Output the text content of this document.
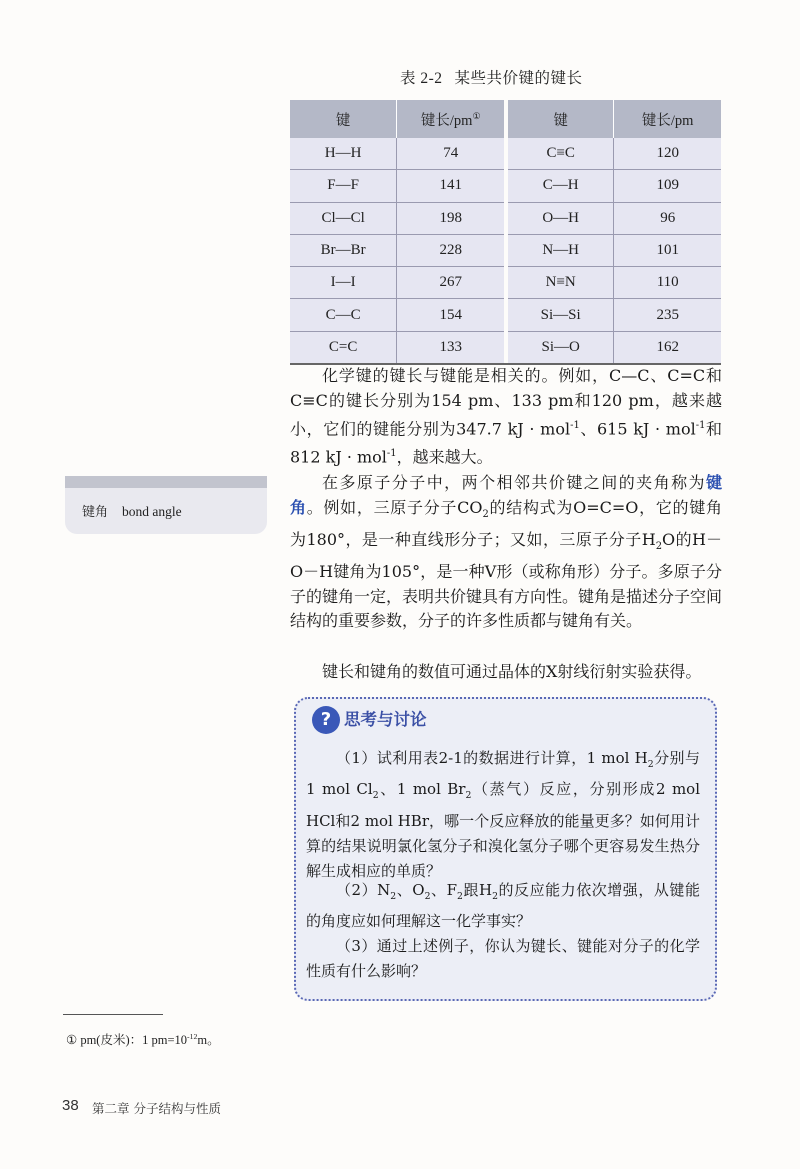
表 2-2 某些共价键的键长
键	键长/pm①		键	键长/pm
H—H	74		C≡C	120
F—F	141		C—H	109
Cl—Cl	198		O—H	96
Br—Br	228		N—H	101
I—I	267		N≡N	110
C—C	154		Si—Si	235
C=C	133		Si—O	162
化学键的键长与键能是相关的。例如，C—C、C=C和C≡C的键长分别为154 pm、133 pm和120 pm，越来越小，它们的键能分别为347.7 kJ · mol$^{-1}$、615 kJ · mol$^{-1}$和812 kJ · mol$^{-1}$，越来越大。
在多原子分子中，两个相邻共价键之间的夹角称为键角。例如，三原子分子$CO_2$的结构式为O=C=O，它的键角为180°，是一种直线形分子；又如，三原子分子$H_2O$的H－O－H键角为105°，是一种V形（或称角形）分子。多原子分子的键角一定，表明共价键具有方向性。键角是描述分子空间结构的重要参数，分子的许多性质都与键角有关。
键长和键角的数值可通过晶体的X射线衍射实验获得。
键角 bond angle
? 思考与讨论
（1）试利用表2-1的数据进行计算，1 mol $H_2$分别与1 mol $Cl_2$、1 mol $Br_2$（蒸气）反应，分别形成2 mol HCl和2 mol HBr，哪一个反应释放的能量更多？如何用计算的结果说明氯化氢分子和溴化氢分子哪个更容易发生热分解生成相应的单质？
$(2)N_2$、$O_2$、$F_2$跟$H_2$的反应能力依次增强，从键能的角度应如何理解这一化学事实？
（3）通过上述例子，你认为键长、键能对分子的化学性质有什么影响？
① pm(皮米)：1 $pm=10^{-12}m$。
38 第二章 分子结构与性质
